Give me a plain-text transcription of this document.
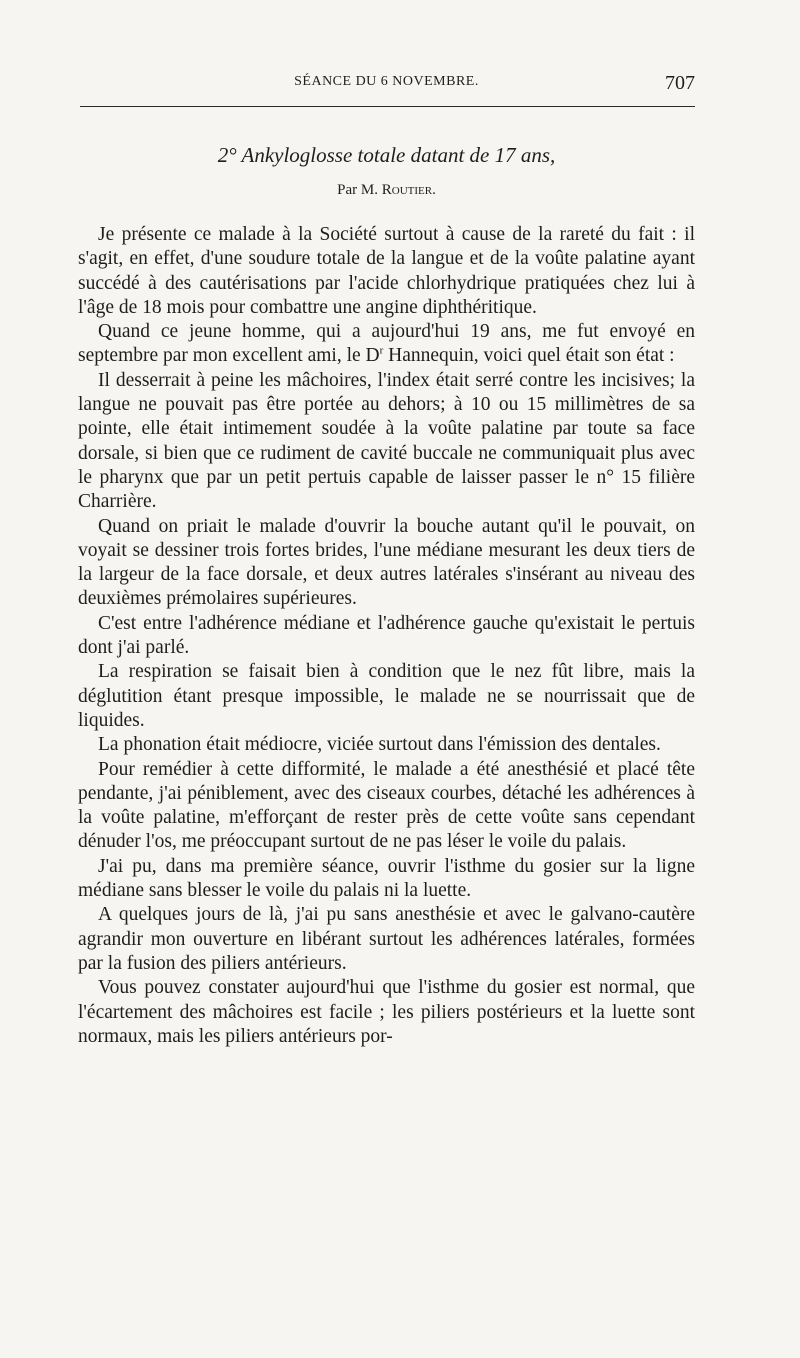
SÉANCE DU 6 NOVEMBRE.	707
2° Ankyloglosse totale datant de 17 ans,
Par M. Routier.

Je présente ce malade à la Société surtout à cause de la rareté du fait : il s'agit, en effet, d'une soudure totale de la langue et de la voûte palatine ayant succédé à des cautérisations par l'acide chlorhydrique pratiquées chez lui à l'âge de 18 mois pour combattre une angine diphthéritique.

Quand ce jeune homme, qui a aujourd'hui 19 ans, me fut envoyé en septembre par mon excellent ami, le $D^r$ Hannequin, voici quel était son état :

Il desserrait à peine les mâchoires, l'index était serré contre les incisives; la langue ne pouvait pas être portée au dehors; à 10 ou 15 millimètres de sa pointe, elle était intimement soudée à la voûte palatine par toute sa face dorsale, si bien que ce rudiment de cavité buccale ne communiquait plus avec le pharynx que par un petit pertuis capable de laisser passer le n° 15 filière Charrière.

Quand on priait le malade d'ouvrir la bouche autant qu'il le pouvait, on voyait se dessiner trois fortes brides, l'une médiane mesurant les deux tiers de la largeur de la face dorsale, et deux autres latérales s'insérant au niveau des deuxièmes prémolaires supérieures.

C'est entre l'adhérence médiane et l'adhérence gauche qu'existait le pertuis dont j'ai parlé.

La respiration se faisait bien à condition que le nez fût libre, mais la déglutition étant presque impossible, le malade ne se nourrissait que de liquides.

La phonation était médiocre, viciée surtout dans l'émission des dentales.

Pour remédier à cette difformité, le malade a été anesthésié et placé tête pendante, j'ai péniblement, avec des ciseaux courbes, détaché les adhérences à la voûte palatine, m'efforçant de rester près de cette voûte sans cependant dénuder l'os, me préoccupant surtout de ne pas léser le voile du palais.

J'ai pu, dans ma première séance, ouvrir l'isthme du gosier sur la ligne médiane sans blesser le voile du palais ni la luette.

A quelques jours de là, j'ai pu sans anesthésie et avec le galvano-cautère agrandir mon ouverture en libérant surtout les adhérences latérales, formées par la fusion des piliers antérieurs.

Vous pouvez constater aujourd'hui que l'isthme du gosier est normal, que l'écartement des mâchoires est facile ; les piliers postérieurs et la luette sont normaux, mais les piliers antérieurs por-
